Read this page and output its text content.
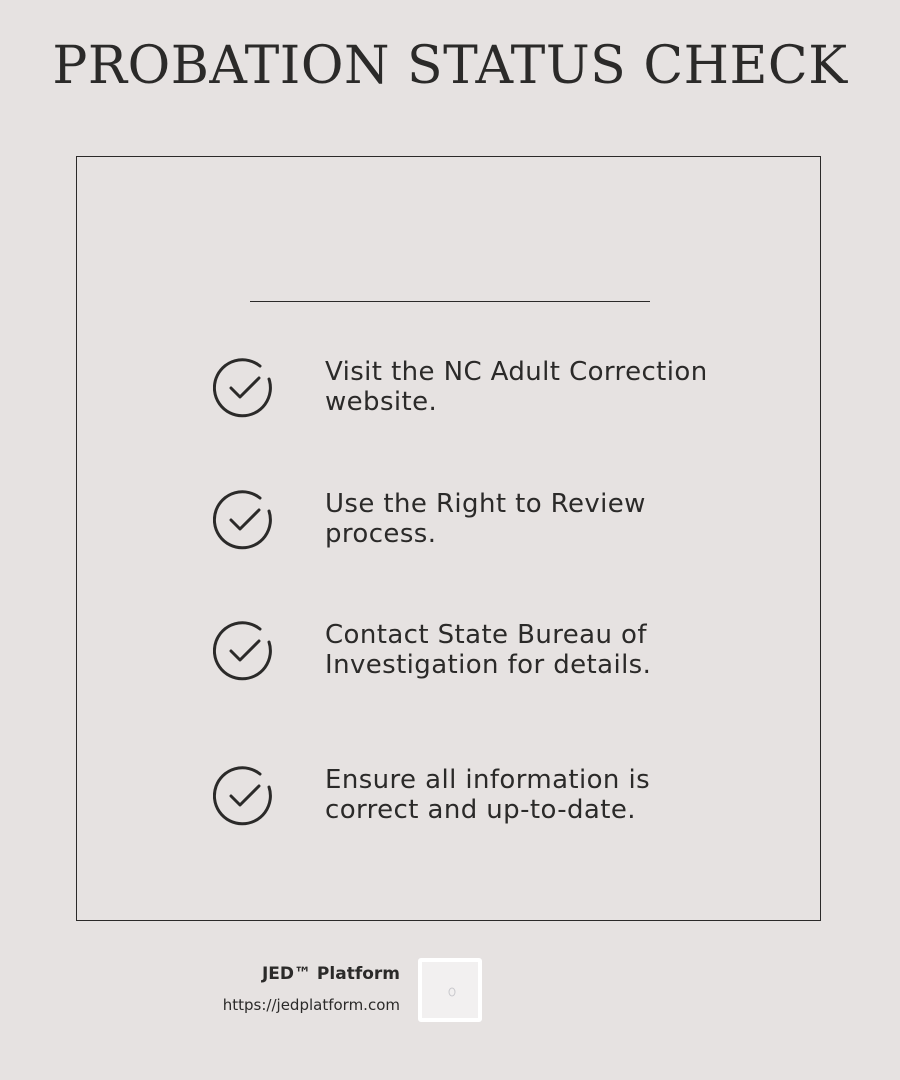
PROBATION STATUS CHECK

Visit the NC Adult Correction
website.

Use the Right to Review
process.

Contact State Bureau of
Investigation for details.

Ensure all information is
correct and up-to-date.

JED™ Platform
https://jedplatform.com
